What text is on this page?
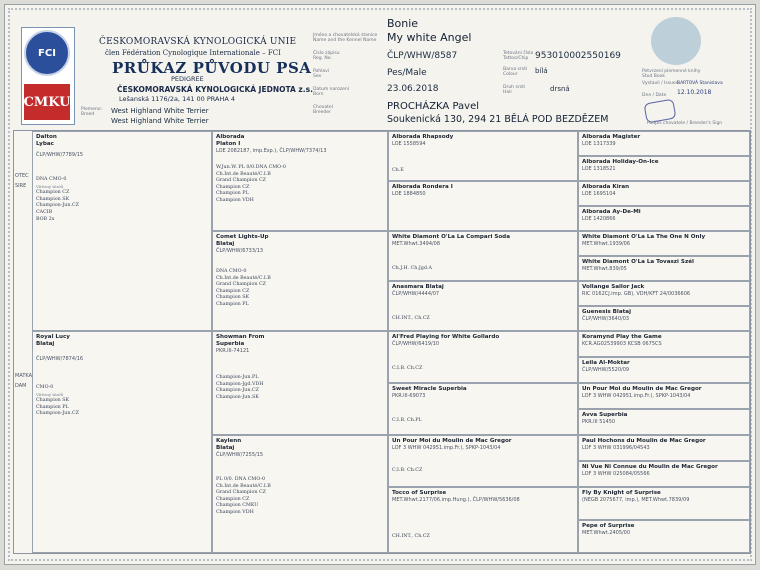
FCI
CMKU
ČESKOMORAVSKÁ KYNOLOGICKÁ UNIE
člen Fédération Cynologique Internationale – FCI
PRŮKAZ PŮVODU PSA
PEDIGREE
ČESKOMORAVSKÁ KYNOLOGICKÁ JEDNOTA z.s.
Lešanská 1176/2a, 141 00 PRAHA 4
Plemeno:
Breed	West Highland White Terrier
West Highland White Terrier
Jméno a chovatelská stanice
Name and the Kennel Name
Číslo zápisu
Reg. No.
Pohlaví
Sex
Datum narození
Born
Chovatel
Breeder
Bonie
My white Angel
ČLP/WHW/8587
Pes/Male
23.06.2018
PROCHÁZKA Pavel
Soukenická 130, 294 21 BĚLÁ POD BEZDĚZEM
Tetování číslo
Tattoo/Chip
Barva srsti
Colour
Druh srsti
Hair
953010002550169
bílá
drsná
Potvrzení plemenné knihy
Stud Book
Vystavil / Issued
Dne / Date
BARTOVÁ Stanislava
12.10.2018
Podpis chovatele / Breeder's Sign
OTEC SIRE
MATKA DAM
Dalton
Lybac
ČLP/WHW/7789/15
DNA CMO-0
Vítězný titulů
Champion CZ
Champion SK
Champion-Jun.CZ
CACIB
BOB 2x
Royal Lucy
Blataj
ČLP/WHW/7874/16
CMO-0
Vítězný titulů
Champion SK
Champion PL
Champion-Jun.CZ
Alborada
Platon I
LOE 2082187, imp.Esp.), ČLP/WHW/7374/13
W.Jun.W. PL 0/0.DNA CMO-0
Ch.Int.de Beauté/C.I.B
Grand Champion CZ
Champion CZ
Champion PL
Champion VDH
Comet Lights-Up
Blataj
ČLP/WHW/6733/13
DNA CMO-0
Ch.Int.de Beauté/C.I.B
Grand Champion CZ
Champion CZ
Champion SK
Champion PL
Showman From
Superbia
PKR.III-74121
Champion-Jun.PL
Champion-Jgd.VDH
Champion-Jun.CZ
Champion-Jun.SK
Kaylenn
Blataj
ČLP/WHW/7255/15
PL 0/0. DNA CMO-0
Ch.Int.de Beauté/C.I.B
Grand Champion CZ
Champion CZ
Champion CMKU
Champion VDH
Alborada Rhapsody
LOE 1558594
Ch.E
Alborada Rondera I
LOE 1884850
White Diamont O'La La Compari Soda
MET.Whwt.3494/08
Ch.J.H. Ch.Jgd.A
Anasmara Blataj
ČLP/WHW/4444/07
CH.INT., Ch.CZ
Al'Fred Playing for White Gollardo
ČLP/WHW/6419/10
C.I.B. Ch.CZ
Sweet Miracle Superbia
PKR.III-69073
C.I.B. Ch.PL
Un Pour Moi du Moulin de Mac Gregor
LOF 3 WHW 042951.imp.Fr.), SPKP-1043/04
C.I.B. Ch.CZ
Tocco of Surprise
MET.Whwt.2177/06.imp.Hung.), ČLP/WHW/5636/08
CH.INT., Ch.CZ
Alborada Magister
LOE 1317339
Alborada Holiday-On-Ice
LOE 1318521
Alborada Kiran
LOE 1695104
Alborada Ay-De-Mi
LOE 1420866
White Diamont O'La La The One N Only
MET.Whwt.1939/06
White Diamont O'La La Tovaszi Szél
MET.Whwt.839/05
Vollange Sailor Jack
RIC 0162CJ.imp. GB), VDH/KFT 24/0036606
Guenesis Blataj
ČLP/WHW/3640/03
Koramynd Play the Game
KCR.AG02539903 KCSB 0675CS
Leila Al-Moktar
ČLP/WHW/5520/09
Un Pour Moi du Moulin de Mac Gregor
LOF 3 WHW 042951.imp.Fr.), SPKP-1043/04
Avva Superbia
PKR.III 51450
Paul Hochons du Moulin de Mac Gregor
LOF 3 WHW 031996/04543
Ni Vue Ni Connue du Moulin de Mac Gregor
LOF 3 WHW 025084/05566
Fly By Knight of Surprise
(NEGB 2075677, imp.), MET.Whwt.7839/09
Pepe of Surprise
MET.Whwt.2405/00
